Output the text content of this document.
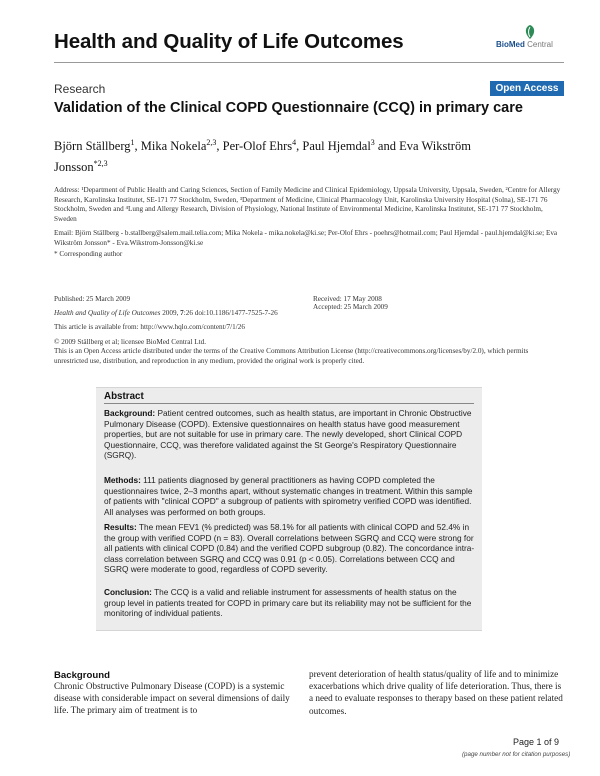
Health and Quality of Life Outcomes	BioMed Central
Research	Open Access
Validation of the Clinical COPD Questionnaire (CCQ) in primary care
Björn Ställberg$^1$, Mika Nokela$^{2,3}$, Per-Olof Ehrs$^4$, Paul Hjemdal$^3$ and Eva Wikström Jonsson$^{*2,3}$
Address: ¹Department of Public Health and Caring Sciences, Section of Family Medicine and Clinical Epidemiology, Uppsala University, Uppsala, Sweden, ²Centre for Allergy Research, Karolinska Institutet, SE-171 77 Stockholm, Sweden, ³Department of Medicine, Clinical Pharmacology Unit, Karolinska University Hospital (Solna), SE-171 76 Stockholm, Sweden and ⁴Lung and Allergy Research, Division of Physiology, National Institute of Environmental Medicine, Karolinska Institutet, SE-171 77 Stockholm, Sweden
Email: Björn Ställberg - b.stallberg@salem.mail.telia.com; Mika Nokela - mika.nokela@ki.se; Per-Olof Ehrs - poehrs@hotmail.com; Paul Hjemdal - paul.hjemdal@ki.se; Eva Wikström Jonsson* - Eva.Wikstrom-Jonsson@ki.se
* Corresponding author
Published: 25 March 2009	Received: 17 May 2008
Accepted: 25 March 2009
Health and Quality of Life Outcomes 2009, 7:26 doi:10.1186/1477-7525-7-26
This article is available from: http://www.hqlo.com/content/7/1/26
© 2009 Ställberg et al; licensee BioMed Central Ltd.
This is an Open Access article distributed under the terms of the Creative Commons Attribution License (http://creativecommons.org/licenses/by/2.0), which permits unrestricted use, distribution, and reproduction in any medium, provided the original work is properly cited.
Abstract
Background: Patient centred outcomes, such as health status, are important in Chronic Obstructive Pulmonary Disease (COPD). Extensive questionnaires on health status have good measurement properties, but are not suitable for use in primary care. The newly developed, short Clinical COPD Questionnaire, CCQ, was therefore validated against the St George's Respiratory Questionnaire (SGRQ).
Methods: 111 patients diagnosed by general practitioners as having COPD completed the questionnaires twice, 2–3 months apart, without systematic changes in treatment. Within this sample of patients with "clinical COPD" a subgroup of patients with spirometry verified COPD was identified. All analyses was performed on both groups.
Results: The mean FEV1 (% predicted) was 58.1% for all patients with clinical COPD and 52.4% in the group with verified COPD (n = 83). Overall correlations between SGRQ and CCQ were strong for all patients with clinical COPD (0.84) and the verified COPD subgroup (0.82). The concordance intra-class correlation between SGRQ and CCQ was 0.91 (p < 0.05). Correlations between CCQ and SGRQ were moderate to good, regardless of COPD severity.
Conclusion: The CCQ is a valid and reliable instrument for assessments of health status on the group level in patients treated for COPD in primary care but its reliability may not be sufficient for the monitoring of individual patients.
Background
Chronic Obstructive Pulmonary Disease (COPD) is a systemic disease with considerable impact on several dimensions of daily life. The primary aim of treatment is to
prevent deterioration of health status/quality of life and to minimize exacerbations which drive quality of life deterioration. Thus, there is a need to evaluate responses to therapy based on these patient related outcomes.
Page 1 of 9
(page number not for citation purposes)
